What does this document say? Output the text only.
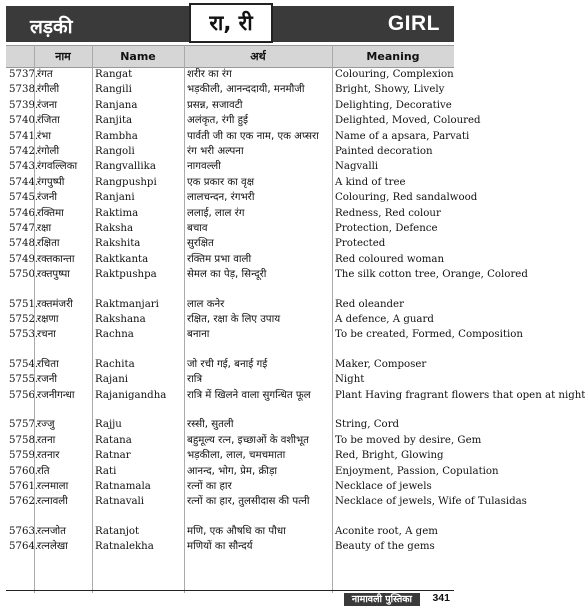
लड़की	रा, री	GIRL
	नाम	Name	अर्थ	Meaning
5737.	रंगत	Rangat	शरीर का रंग	Colouring, Complexion
5738.	रंगीली	Rangili	भड़कीली, आनन्ददायी, मनमौजी	Bright, Showy, Lively
5739.	रंजना	Ranjana	प्रसन्न, सजावटी	Delighting, Decorative
5740.	रंजिता	Ranjita	अलंकृत, रंगी हुई	Delighted, Moved, Coloured
5741.	रंभा	Rambha	पार्वती जी का एक नाम, एक अप्सरा	Name of a apsara, Parvati
5742.	रंगोली	Rangoli	रंग भरी अल्पना	Painted decoration
5743.	रंगवल्लिका	Rangvallika	नागवल्ली	Nagvalli
5744.	रंगपुष्पी	Rangpushpi	एक प्रकार का वृक्ष	A kind of tree
5745.	रंजनी	Ranjani	लालचन्दन, रंगभरी	Colouring, Red sandalwood
5746.	रक्तिमा	Raktima	ललाई, लाल रंग	Redness, Red colour
5747.	रक्षा	Raksha	बचाव	Protection, Defence
5748.	रक्षिता	Rakshita	सुरक्षित	Protected
5749.	रक्तकान्ता	Raktkanta	रक्तिम प्रभा वाली	Red coloured woman
5750.	रक्तपुष्पा	Raktpushpa	सेमल का पेड़, सिन्दूरी	The silk cotton tree, Orange, Colored
5751.	रक्तमंजरी	Raktmanjari	लाल कनेर	Red oleander
5752.	रक्षणा	Rakshana	रक्षित, रक्षा के लिए उपाय	A defence, A guard
5753.	रचना	Rachna	बनाना	To be created, Formed, Composition
5754.	रचिता	Rachita	जो रची गई, बनाई गई	Maker, Composer
5755.	रजनी	Rajani	रात्रि	Night
5756.	रजनीगन्धा	Rajanigandha	रात्रि में खिलने वाला सुगन्धित फूल	Plant Having fragrant flowers that open at night
5757.	रज्जु	Rajju	रस्सी, सुतली	String, Cord
5758.	रतना	Ratana	बहुमूल्य रत्न, इच्छाओं के वशीभूत	To be moved by desire, Gem
5759.	रतनार	Ratnar	भड़कीला, लाल, चमचमाता	Red, Bright, Glowing
5760.	रति	Rati	आनन्द, भोग, प्रेम, क्रीड़ा	Enjoyment, Passion, Copulation
5761.	रत्नमाला	Ratnamala	रत्नों का हार	Necklace of jewels
5762.	रत्नावली	Ratnavali	रत्नों का हार, तुलसीदास की पत्नी	Necklace of jewels, Wife of Tulasidas
5763.	रत्नजोत	Ratanjot	मणि, एक औषधि का पौधा	Aconite root, A gem
5764.	रत्नलेखा	Ratnalekha	मणियों का सौन्दर्य	Beauty of the gems
नामावली पुस्तिका	341
